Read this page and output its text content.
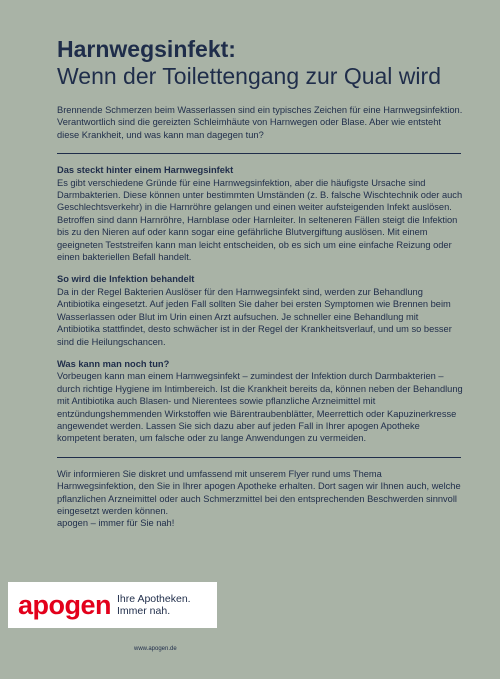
Harnwegsinfekt:

Wenn der Toilettengang zur Qual wird

Brennende Schmerzen beim Wasserlassen sind ein typisches Zeichen für eine Harnwegsinfektion. Verantwortlich sind die gereizten Schleimhäute von Harnwegen oder Blase. Aber wie entsteht diese Krankheit, und was kann man dagegen tun?

Das steckt hinter einem Harnwegsinfekt

Es gibt verschiedene Gründe für eine Harnwegsinfektion, aber die häufigste Ursache sind Darmbakterien. Diese können unter bestimmten Umständen (z. B. falsche Wischtechnik oder auch Geschlechtsverkehr) in die Harnröhre gelangen und einen weiter aufsteigenden Infekt auslösen. Betroffen sind dann Harnröhre, Harnblase oder Harnleiter. In selteneren Fällen steigt die Infektion bis zu den Nieren auf oder kann sogar eine gefährliche Blutvergiftung auslösen. Mit einem geeigneten Teststreifen kann man leicht entscheiden, ob es sich um eine einfache Reizung oder einen bakteriellen Befall handelt.

So wird die Infektion behandelt

Da in der Regel Bakterien Auslöser für den Harnwegsinfekt sind, werden zur Behandlung Antibiotika eingesetzt. Auf jeden Fall sollten Sie daher bei ersten Symptomen wie Brennen beim Wasserlassen oder Blut im Urin einen Arzt aufsuchen. Je schneller eine Behandlung mit Antibiotika stattfindet, desto schwächer ist in der Regel der Krankheitsverlauf, und um so besser sind die Heilungschancen.

Was kann man noch tun?

Vorbeugen kann man einem Harnwegsinfekt – zumindest der Infektion durch Darmbakterien – durch richtige Hygiene im Intimbereich. Ist die Krankheit bereits da, können neben der Behandlung mit Antibiotika auch Blasen- und Nierentees sowie pflanzliche Arzneimittel mit entzündungshemmenden Wirkstoffen wie Bärentraubenblätter, Meerrettich oder Kapuzinerkresse angewendet werden. Lassen Sie sich dazu aber auf jeden Fall in Ihrer apogen Apotheke kompetent beraten, um falsche oder zu lange Anwendungen zu vermeiden.

Wir informieren Sie diskret und umfassend mit unserem Flyer rund ums Thema Harnwegsinfektion, den Sie in Ihrer apogen Apotheke erhalten. Dort sagen wir Ihnen auch, welche pflanzlichen Arzneimittel oder auch Schmerzmittel bei den entsprechenden Beschwerden sinnvoll eingesetzt werden können.

apogen – immer für Sie nah!

apogen Ihre Apotheken.
Immer nah.
www.apogen.de
